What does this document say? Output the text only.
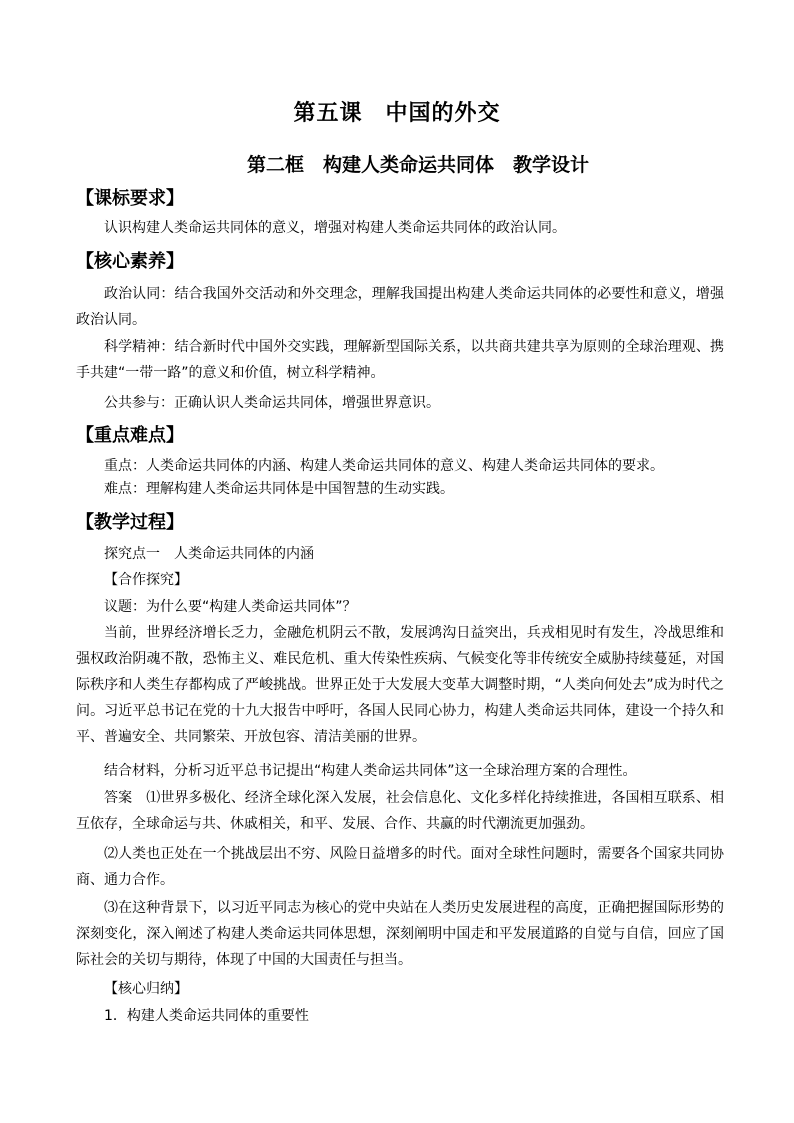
第五课　中国的外交
第二框　构建人类命运共同体　教学设计
【课标要求】
认识构建人类命运共同体的意义，增强对构建人类命运共同体的政治认同。
【核心素养】
政治认同：结合我国外交活动和外交理念，理解我国提出构建人类命运共同体的必要性和意义，增强政治认同。
科学精神：结合新时代中国外交实践，理解新型国际关系，以共商共建共享为原则的全球治理观、携手共建“一带一路”的意义和价值，树立科学精神。
公共参与：正确认识人类命运共同体，增强世界意识。
【重点难点】
重点：人类命运共同体的内涵、构建人类命运共同体的意义、构建人类命运共同体的要求。
难点：理解构建人类命运共同体是中国智慧的生动实践。
【教学过程】
探究点一　人类命运共同体的内涵
【合作探究】
议题：为什么要“构建人类命运共同体”？
当前，世界经济增长乏力，金融危机阴云不散，发展鸿沟日益突出，兵戎相见时有发生，冷战思维和强权政治阴魂不散，恐怖主义、难民危机、重大传染性疾病、气候变化等非传统安全威胁持续蔓延，对国际秩序和人类生存都构成了严峻挑战。世界正处于大发展大变革大调整时期，“人类向何处去”成为时代之问。习近平总书记在党的十九大报告中呼吁，各国人民同心协力，构建人类命运共同体，建设一个持久和平、普遍安全、共同繁荣、开放包容、清洁美丽的世界。
结合材料，分析习近平总书记提出“构建人类命运共同体”这一全球治理方案的合理性。
答案　⑴世界多极化、经济全球化深入发展，社会信息化、文化多样化持续推进，各国相互联系、相互依存，全球命运与共、休戚相关，和平、发展、合作、共赢的时代潮流更加强劲。
⑵人类也正处在一个挑战层出不穷、风险日益增多的时代。面对全球性问题时，需要各个国家共同协商、通力合作。
⑶在这种背景下，以习近平同志为核心的党中央站在人类历史发展进程的高度，正确把握国际形势的深刻变化，深入阐述了构建人类命运共同体思想，深刻阐明中国走和平发展道路的自觉与自信，回应了国际社会的关切与期待，体现了中国的大国责任与担当。
【核心归纳】
1．构建人类命运共同体的重要性
